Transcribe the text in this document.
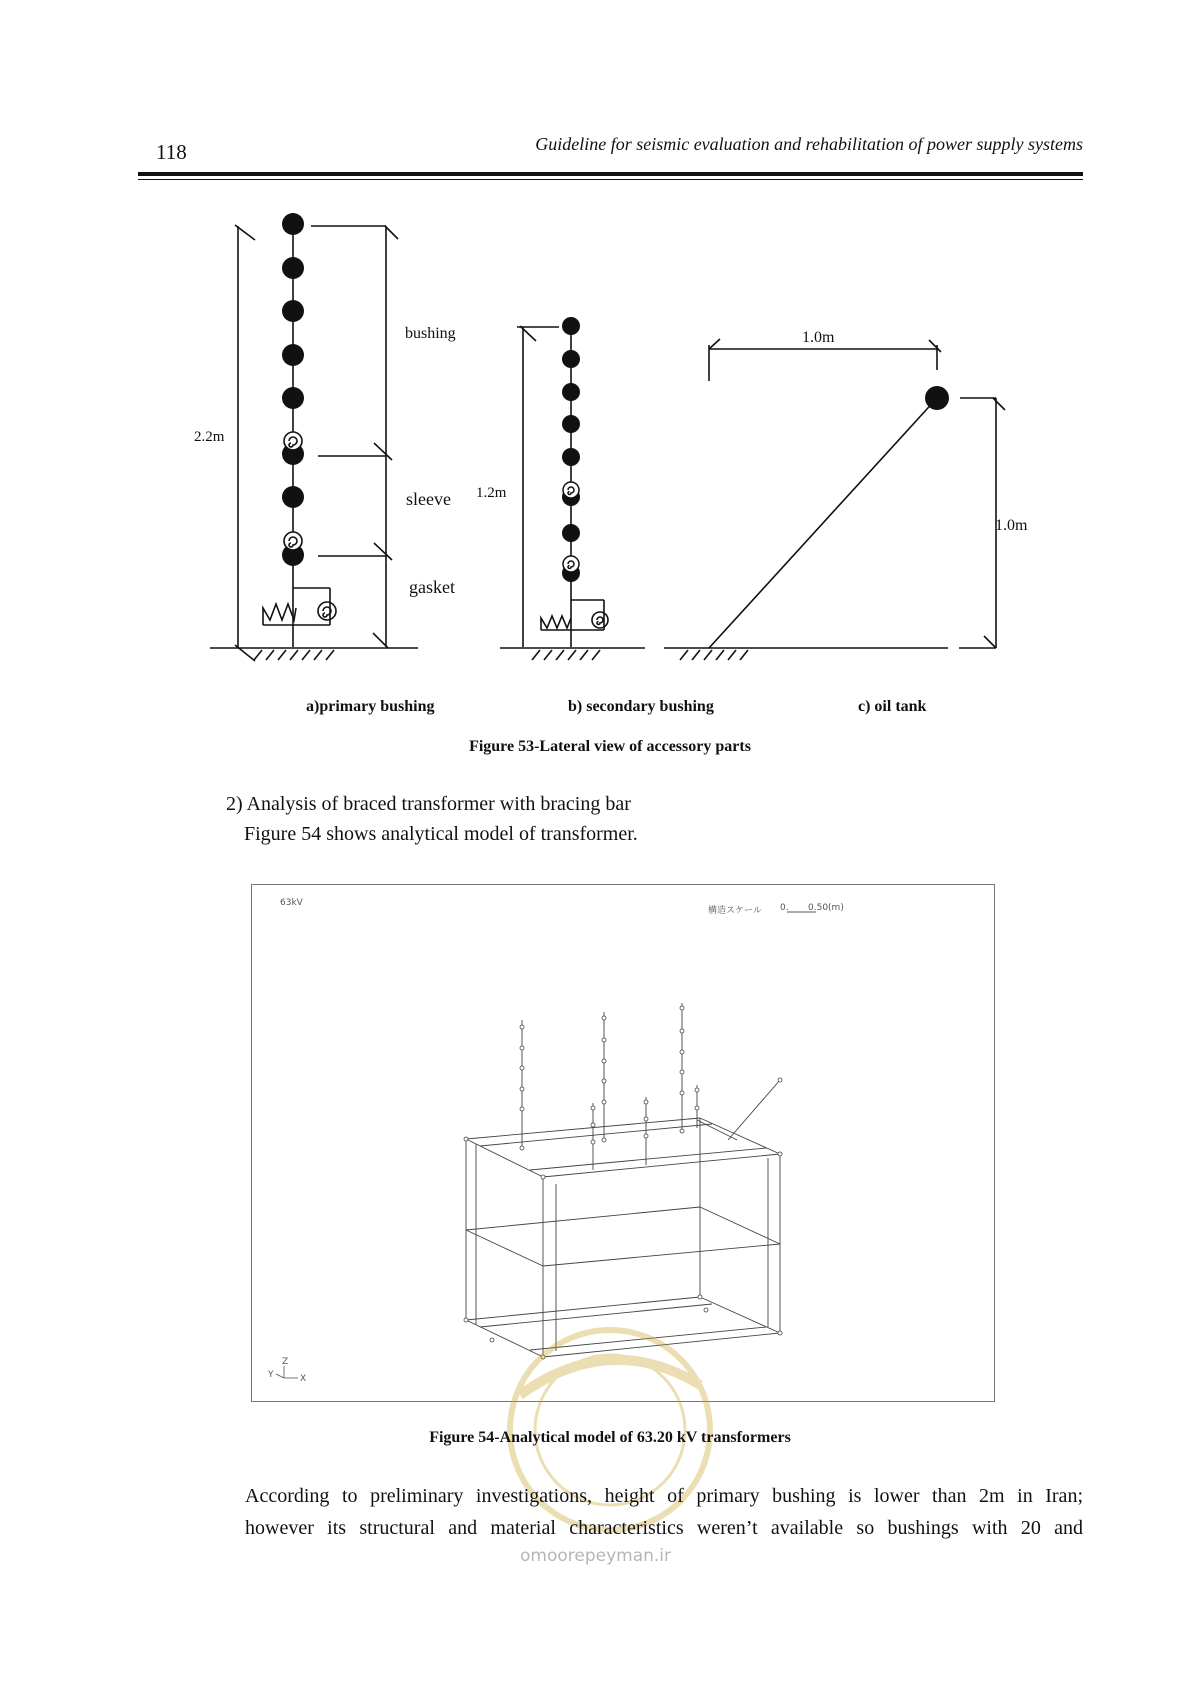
118	Guideline for seismic evaluation and rehabilitation of power supply systems
bushing
sleeve
gasket
2.2m
1.2m
1.0m
1.0m
a)primary bushing	b) secondary bushing	c) oil tank
Figure 53-Lateral view of accessory parts
2) Analysis of braced transformer with bracing bar
Figure 54 shows analytical model of transformer.
63kV
構造スケール 0. 0.50(m)
Z
Y	X
Figure 54-Analytical model of 63.20 kV transformers
According to preliminary investigations, height of primary bushing is lower than 2m in Iran;
however its structural and material characteristics weren’t available so bushings with 20 and
omoorepeyman.ir
